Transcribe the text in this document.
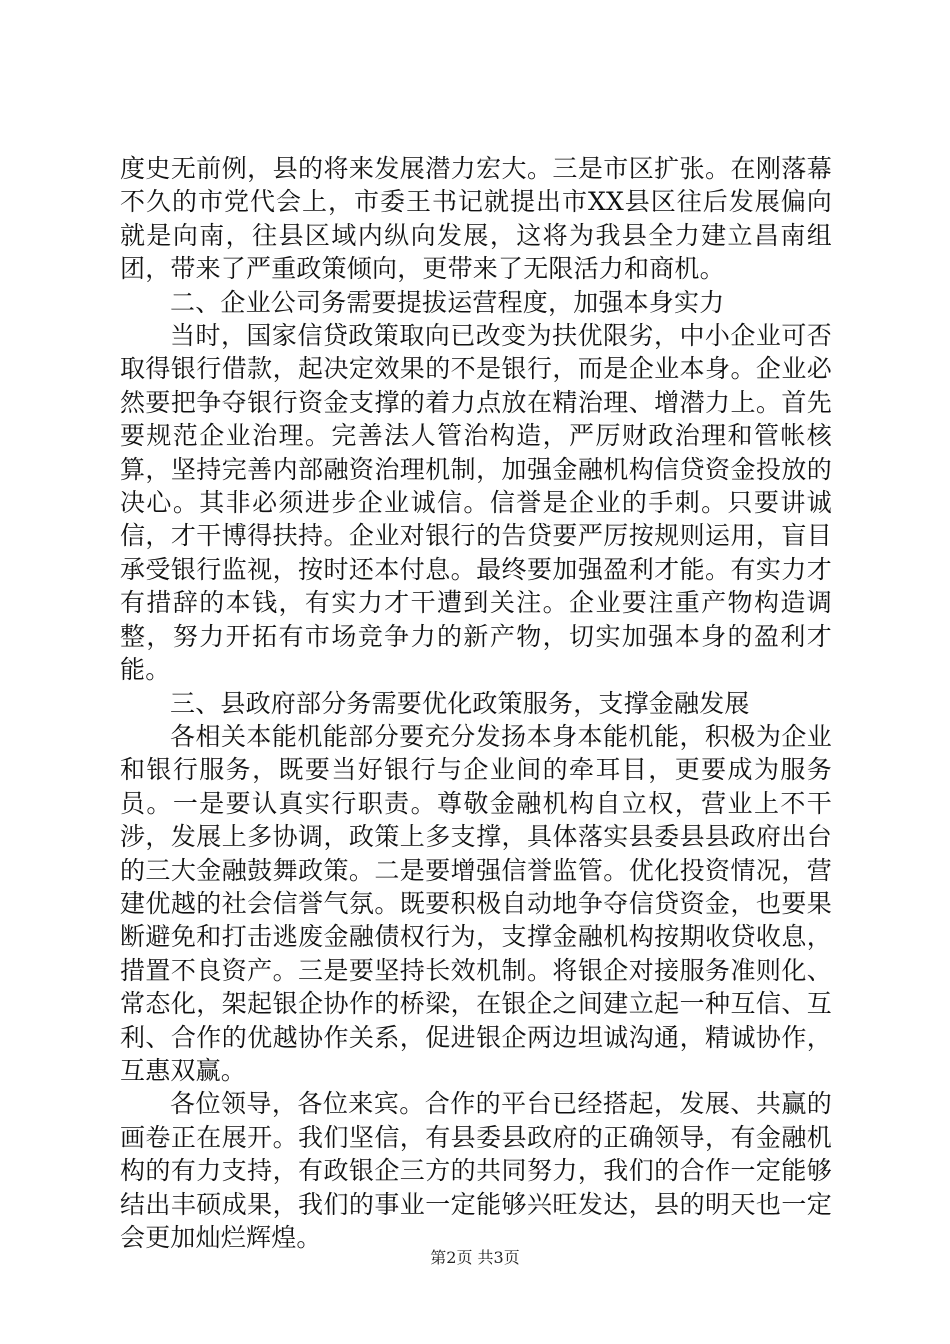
度史无前例，县的将来发展潜力宏大。三是市区扩张。在刚落幕不久的市党代会上，市委王书记就提出市XX县区往后发展偏向就是向南，往县区域内纵向发展，这将为我县全力建立昌南组团，带来了严重政策倾向，更带来了无限活力和商机。

二、企业公司务需要提拔运营程度，加强本身实力

当时，国家信贷政策取向已改变为扶优限劣，中小企业可否取得银行借款，起决定效果的不是银行，而是企业本身。企业必然要把争夺银行资金支撑的着力点放在精治理、增潜力上。首先要规范企业治理。完善法人管治构造，严厉财政治理和管帐核算，坚持完善内部融资治理机制，加强金融机构信贷资金投放的决心。其非必须进步企业诚信。信誉是企业的手刺。只要讲诚信，才干博得扶持。企业对银行的告贷要严厉按规则运用，盲目承受银行监视，按时还本付息。最终要加强盈利才能。有实力才有措辞的本钱，有实力才干遭到关注。企业要注重产物构造调整，努力开拓有市场竞争力的新产物，切实加强本身的盈利才能。

三、县政府部分务需要优化政策服务，支撑金融发展

各相关本能机能部分要充分发扬本身本能机能，积极为企业和银行服务，既要当好银行与企业间的牵耳目，更要成为服务员。一是要认真实行职责。尊敬金融机构自立权，营业上不干涉，发展上多协调，政策上多支撑，具体落实县委县县政府出台的三大金融鼓舞政策。二是要增强信誉监管。优化投资情况，营建优越的社会信誉气氛。既要积极自动地争夺信贷资金，也要果断避免和打击逃废金融债权行为，支撑金融机构按期收贷收息，措置不良资产。三是要坚持长效机制。将银企对接服务准则化、常态化，架起银企协作的桥梁，在银企之间建立起一种互信、互利、合作的优越协作关系，促进银企两边坦诚沟通，精诚协作，互惠双赢。

各位领导，各位来宾。合作的平台已经搭起，发展、共赢的画卷正在展开。我们坚信，有县委县政府的正确领导，有金融机构的有力支持，有政银企三方的共同努力，我们的合作一定能够结出丰硕成果，我们的事业一定能够兴旺发达，县的明天也一定会更加灿烂辉煌。

第2页 共3页
